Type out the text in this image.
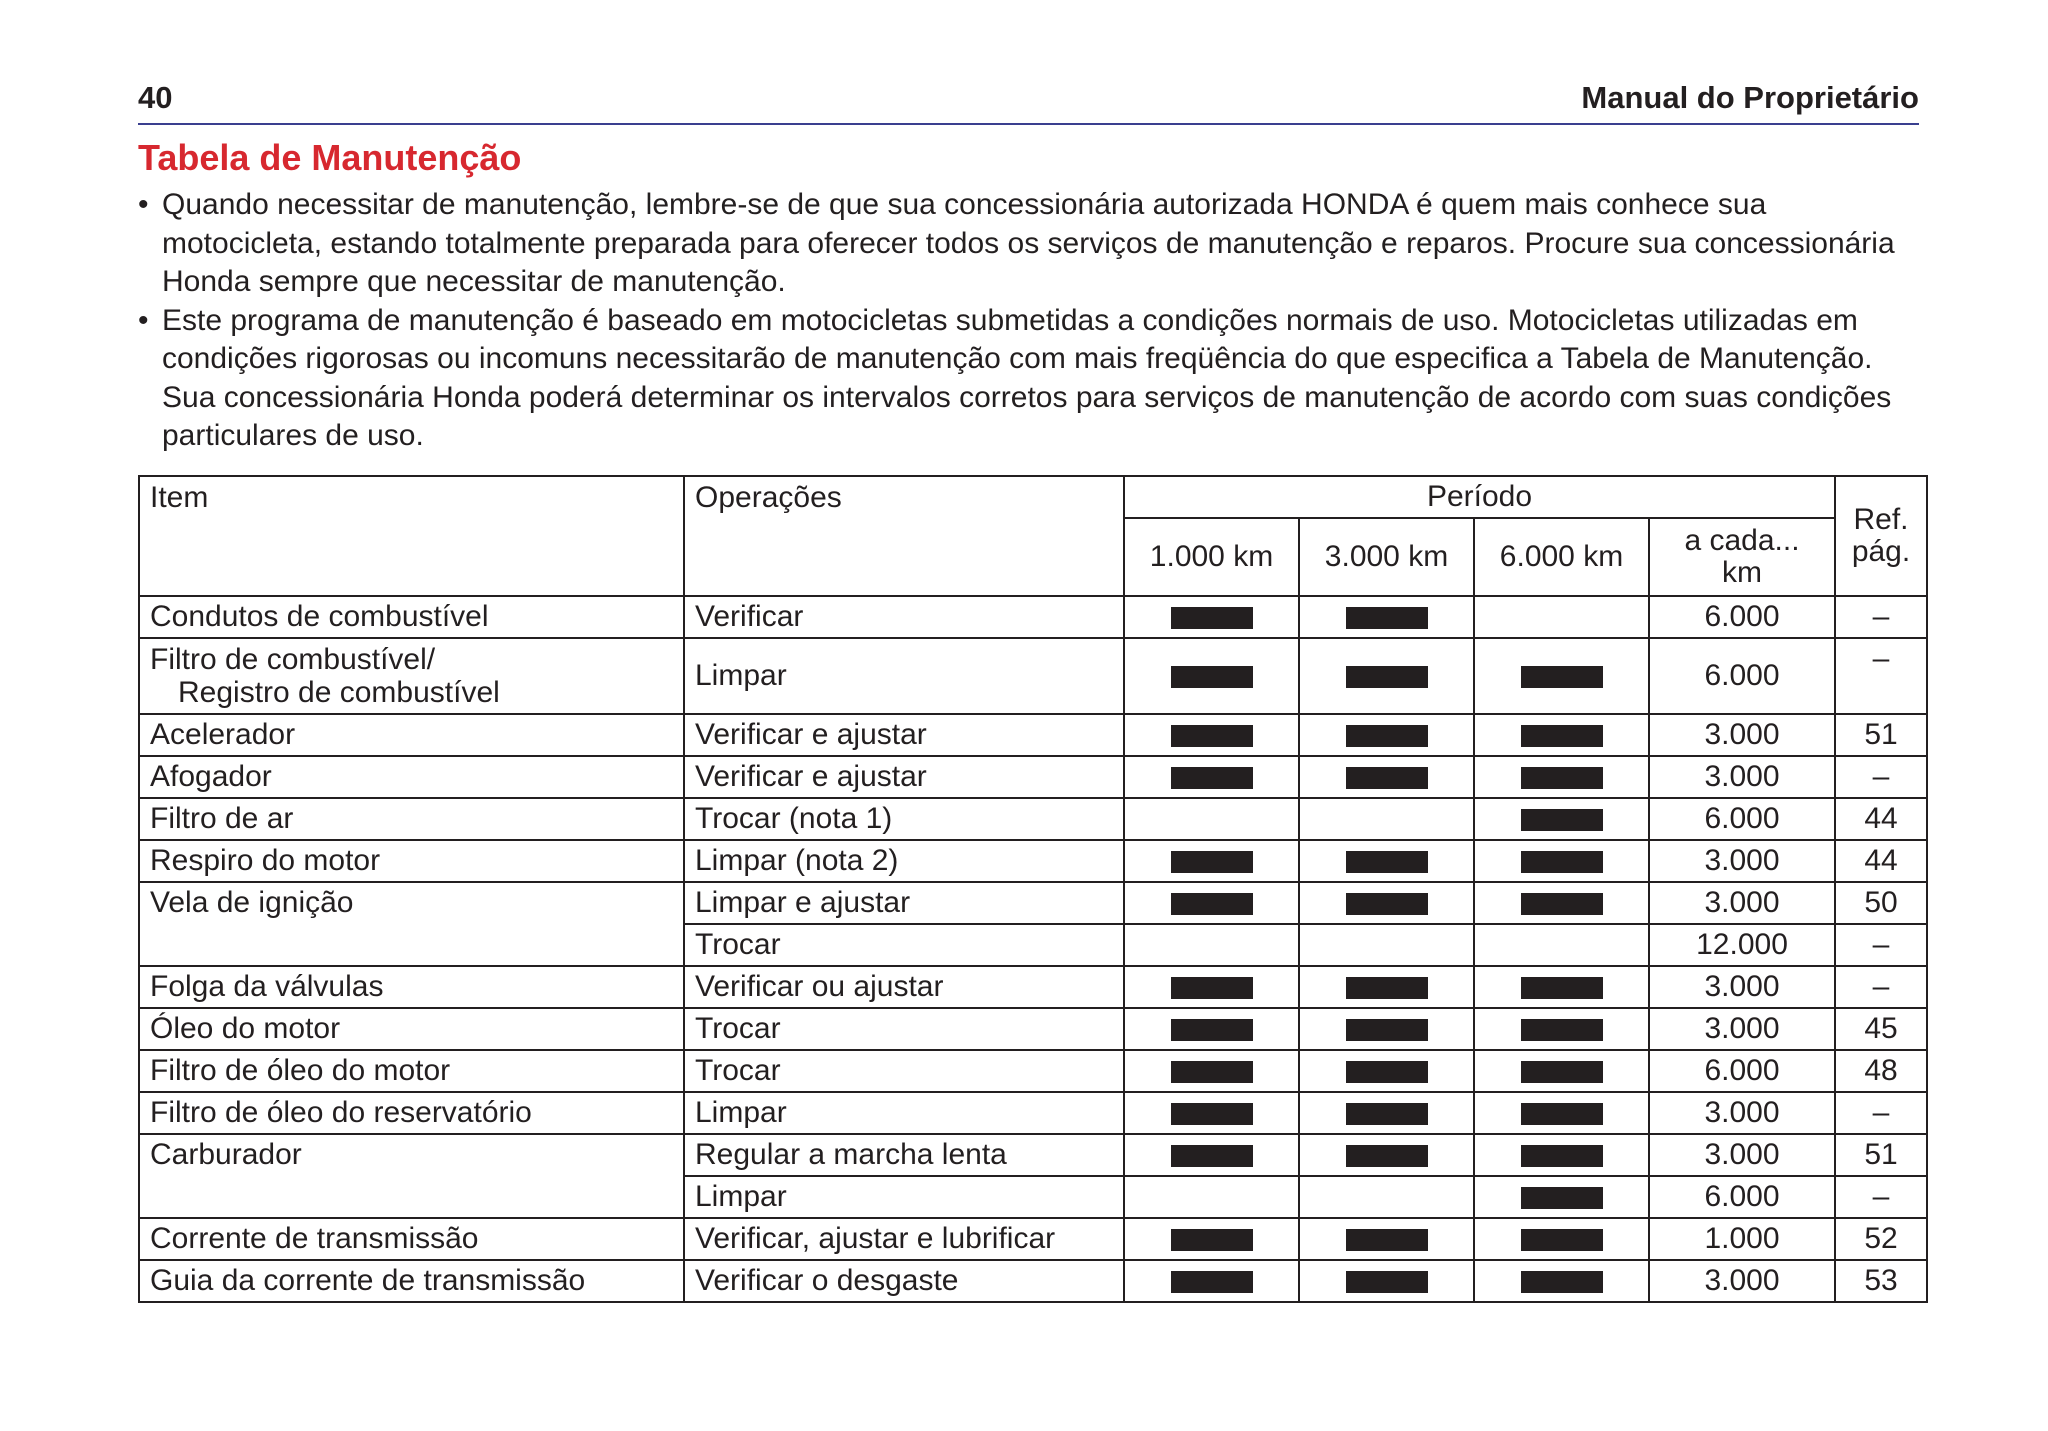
40	Manual do Proprietário
Tabela de Manutenção
• Quando necessitar de manutenção, lembre-se de que sua concessionária autorizada HONDA é quem mais conhece sua motocicleta, estando totalmente preparada para oferecer todos os serviços de manutenção e reparos. Procure sua concessionária Honda sempre que necessitar de manutenção.
• Este programa de manutenção é baseado em motocicletas submetidas a condições normais de uso. Motocicletas utilizadas em condições rigorosas ou incomuns necessitarão de manutenção com mais freqüência do que especifica a Tabela de Manutenção. Sua concessionária Honda poderá determinar os intervalos corretos para serviços de manutenção de acordo com suas condições particulares de uso.
Item	Operações	Período				Ref.
pág.
		1.000 km	3.000 km	6.000 km	a cada...
km	
Condutos de combustível	Verificar				6.000	–
Filtro de combustível/
Registro de combustível	Limpar				6.000	–
Acelerador	Verificar e ajustar				3.000	51
Afogador	Verificar e ajustar				3.000	–
Filtro de ar	Trocar (nota 1)				6.000	44
Respiro do motor	Limpar (nota 2)				3.000	44
Vela de ignição	Limpar e ajustar				3.000	50
	Trocar				12.000	–
Folga da válvulas	Verificar ou ajustar				3.000	–
Óleo do motor	Trocar				3.000	45
Filtro de óleo do motor	Trocar				6.000	48
Filtro de óleo do reservatório	Limpar				3.000	–
Carburador	Regular a marcha lenta				3.000	51
	Limpar				6.000	–
Corrente de transmissão	Verificar, ajustar e lubrificar				1.000	52
Guia da corrente de transmissão	Verificar o desgaste				3.000	53
